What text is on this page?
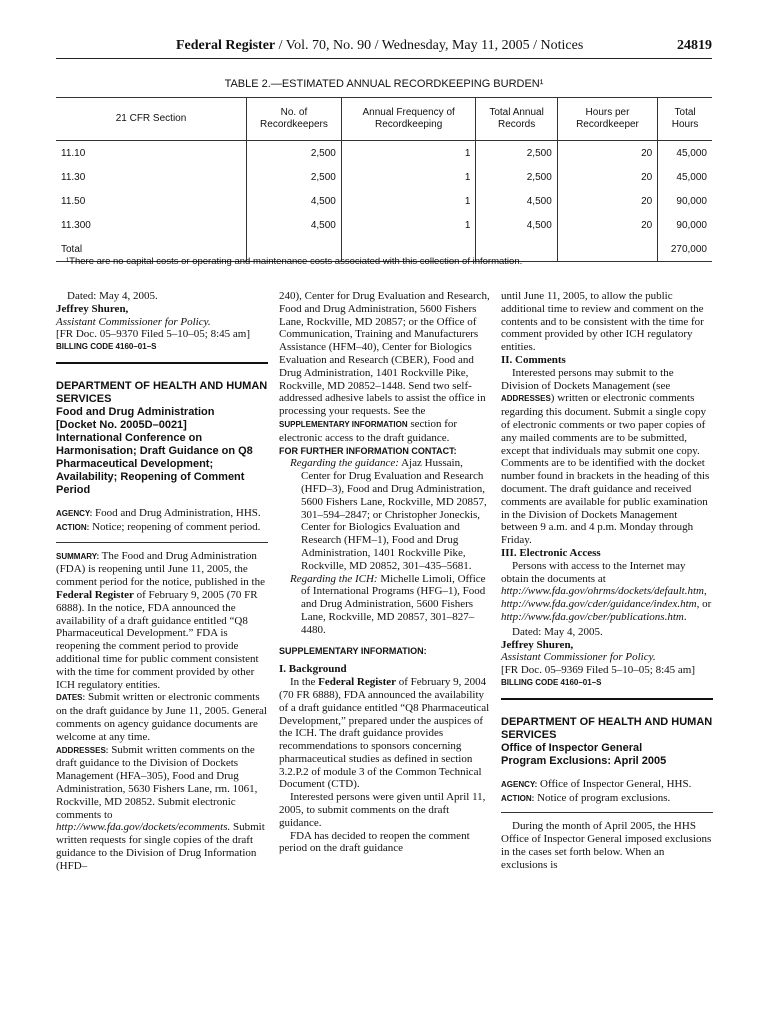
Federal Register / Vol. 70, No. 90 / Wednesday, May 11, 2005 / Notices	24819
TABLE 2.—ESTIMATED ANNUAL RECORDKEEPING BURDEN¹
21 CFR Section	No. of Recordkeepers	Annual Frequency of Recordkeeping	Total Annual Records	Hours per Recordkeeper	Total Hours
11.10	2,500	1	2,500	20	45,000
11.30	2,500	1	2,500	20	45,000
11.50	4,500	1	4,500	20	90,000
11.300	4,500	1	4,500	20	90,000
Total					270,000
¹There are no capital costs or operating and maintenance costs associated with this collection of information.

Dated: May 4, 2005.

Jeffrey Shuren,

Assistant Commissioner for Policy.

[FR Doc. 05–9370 Filed 5–10–05; 8:45 am]

BILLING CODE 4160–01–S

DEPARTMENT OF HEALTH AND HUMAN SERVICES

Food and Drug Administration

[Docket No. 2005D–0021]

International Conference on Harmonisation; Draft Guidance on Q8 Pharmaceutical Development; Availability; Reopening of Comment Period

AGENCY: Food and Drug Administration, HHS.

ACTION: Notice; reopening of comment period.

SUMMARY: The Food and Drug Administration (FDA) is reopening until June 11, 2005, the comment period for the notice, published in the Federal Register of February 9, 2005 (70 FR 6888). In the notice, FDA announced the availability of a draft guidance entitled “Q8 Pharmaceutical Development.” FDA is reopening the comment period to provide additional time for public comment consistent with the time for comment provided by other ICH regulatory entities.

DATES: Submit written or electronic comments on the draft guidance by June 11, 2005. General comments on agency guidance documents are welcome at any time.

ADDRESSES: Submit written comments on the draft guidance to the Division of Dockets Management (HFA–305), Food and Drug Administration, 5630 Fishers Lane, rm. 1061, Rockville, MD 20852. Submit electronic comments to http://www.fda.gov/dockets/ecomments. Submit written requests for single copies of the draft guidance to the Division of Drug Information (HFD–

240), Center for Drug Evaluation and Research, Food and Drug Administration, 5600 Fishers Lane, Rockville, MD 20857; or the Office of Communication, Training and Manufacturers Assistance (HFM–40), Center for Biologics Evaluation and Research (CBER), Food and Drug Administration, 1401 Rockville Pike, Rockville, MD 20852–1448. Send two self-addressed adhesive labels to assist the office in processing your requests. See the SUPPLEMENTARY INFORMATION section for electronic access to the draft guidance.

FOR FURTHER INFORMATION CONTACT:

Regarding the guidance: Ajaz Hussain, Center for Drug Evaluation and Research (HFD–3), Food and Drug Administration, 5600 Fishers Lane, Rockville, MD 20857, 301–594–2847; or Christopher Joneckis, Center for Biologics Evaluation and Research (HFM–1), Food and Drug Administration, 1401 Rockville Pike, Rockville, MD 20852, 301–435–5681.

Regarding the ICH: Michelle Limoli, Office of International Programs (HFG–1), Food and Drug Administration, 5600 Fishers Lane, Rockville, MD 20857, 301–827–4480.

SUPPLEMENTARY INFORMATION:

I. Background

In the Federal Register of February 9, 2004 (70 FR 6888), FDA announced the availability of a draft guidance entitled “Q8 Pharmaceutical Development,” prepared under the auspices of the ICH. The draft guidance provides recommendations to sponsors concerning pharmaceutical studies as defined in section 3.2.P.2 of module 3 of the Common Technical Document (CTD).

Interested persons were given until April 11, 2005, to submit comments on the draft guidance.

FDA has decided to reopen the comment period on the draft guidance

until June 11, 2005, to allow the public additional time to review and comment on the contents and to be consistent with the time for comment provided by other ICH regulatory entities.

II. Comments

Interested persons may submit to the Division of Dockets Management (see ADDRESSES) written or electronic comments regarding this document. Submit a single copy of electronic comments or two paper copies of any mailed comments are to be submitted, except that individuals may submit one copy. Comments are to be identified with the docket number found in brackets in the heading of this document. The draft guidance and received comments are available for public examination in the Division of Dockets Management between 9 a.m. and 4 p.m. Monday through Friday.

III. Electronic Access

Persons with access to the Internet may obtain the documents at http://www.fda.gov/ohrms/dockets/default.htm, http://www.fda.gov/cder/guidance/index.htm, or http://www.fda.gov/cber/publications.htm.

Dated: May 4, 2005.

Jeffrey Shuren,

Assistant Commissioner for Policy.

[FR Doc. 05–9369 Filed 5–10–05; 8:45 am]

BILLING CODE 4160–01–S

DEPARTMENT OF HEALTH AND HUMAN SERVICES

Office of Inspector General

Program Exclusions: April 2005

AGENCY: Office of Inspector General, HHS.

ACTION: Notice of program exclusions.

During the month of April 2005, the HHS Office of Inspector General imposed exclusions in the cases set forth below. When an exclusions is
